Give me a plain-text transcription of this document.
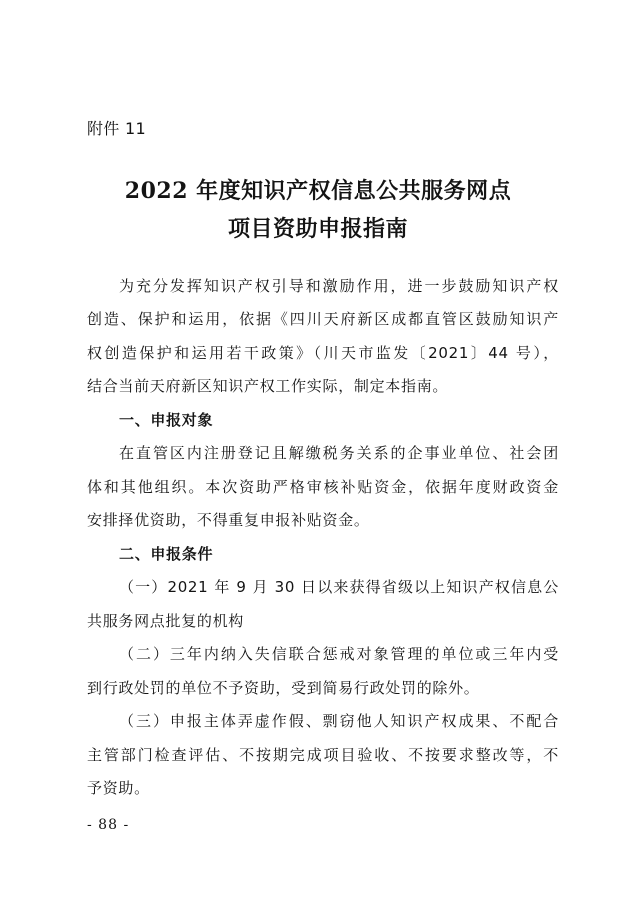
附件 11
2022 年度知识产权信息公共服务网点
项目资助申报指南
为充分发挥知识产权引导和激励作用，进一步鼓励知识产权
创造、保护和运用，依据《四川天府新区成都直管区鼓励知识产
权创造保护和运用若干政策》（川天市监发〔2021〕44 号），
结合当前天府新区知识产权工作实际，制定本指南。
一、申报对象
在直管区内注册登记且解缴税务关系的企事业单位、社会团
体和其他组织。本次资助严格审核补贴资金，依据年度财政资金
安排择优资助，不得重复申报补贴资金。
二、申报条件
（一）2021 年 9 月 30 日以来获得省级以上知识产权信息公
共服务网点批复的机构
（二）三年内纳入失信联合惩戒对象管理的单位或三年内受
到行政处罚的单位不予资助，受到简易行政处罚的除外。
（三）申报主体弄虚作假、剽窃他人知识产权成果、不配合
主管部门检查评估、不按期完成项目验收、不按要求整改等，不
予资助。
- 88 -
